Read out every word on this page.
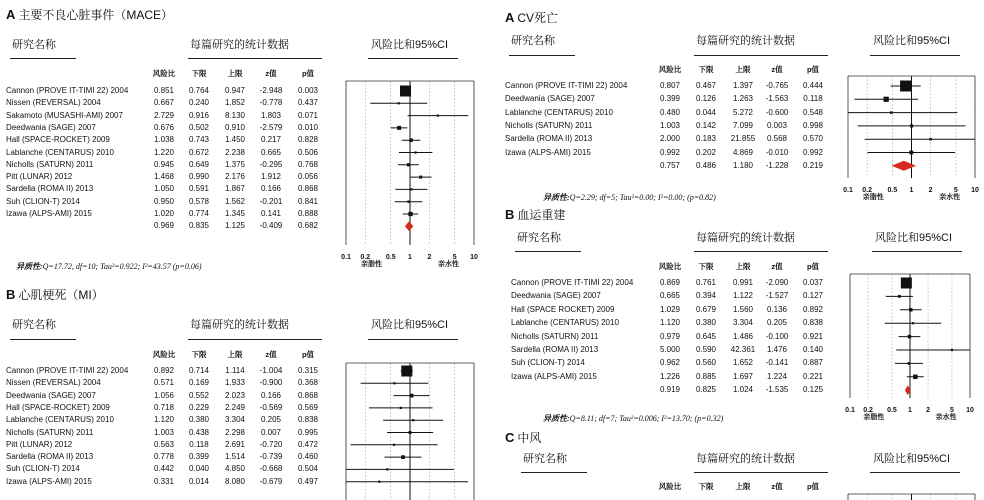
A 主要不良心脏事件（MACE）
研究名称	每篇研究的统计数据	风险比和95%CI
风险比 下限	上限	z值	p值
Cannon (PROVE IT-TIMI 22) 2004	0.851 0.764 0.947 -2.948 0.003
Nissen (REVERSAL) 2004	0.667 0.240 1.852 -0.778 0.437
Sakamoto (MUSASHI-AMI) 2007	2.729 0.916 8.130 1.803 0.071
Deedwania (SAGE) 2007	0.676 0.502 0.910 -2.579 0.010
Hall (SPACE-ROCKET) 2009	1.038 0.743 1.450 0.217 0.828
Lablanche (CENTARUS) 2010	1.220 0.672 2.238 0.665 0.506
Nicholls (SATURN) 2011	0.945 0.649 1.375 -0.295 0.768
Pitt (LUNAR) 2012	1.468 0.990 2.176 1.912 0.056
Sardella (ROMA II) 2013	1.050 0.591 1.867 0.166 0.868
Suh (CLION-T) 2014	0.950 0.578 1.562 -0.201 0.841
Izawa (ALPS-AMI) 2015	1.020 0.774 1.345 0.141 0.888
0.969 0.835 1.125 -0.409 0.682
异质性:Q=17.72, df=10; Tau²=0.922; I²=43.57 (p=0.06)
0.1 0.2 0.5 1 2	5 10
亲脂性	亲水性
B 心肌梗死（MI）
研究名称	每篇研究的统计数据	风险比和95%CI
风险比 下限	上限	z值	p值
Cannon (PROVE IT-TIMI 22) 2004	0.892 0.714 1.114 -1.004 0.315
Nissen (REVERSAL) 2004	0.571 0.169 1.933 -0.900 0.368
Deedwania (SAGE) 2007	1.056 0.552 2.023 0.166 0.868
Hall (SPACE-ROCKET) 2009	0.718 0.229 2.249 -0.569 0.569
Lablanche (CENTARUS) 2010	1.120 0.380 3.304 0.205 0.838
Nicholls (SATURN) 2011	1.003 0.438 2.298 0.007 0.995
Pitt (LUNAR) 2012	0.563 0.118 2.691 -0.720 0.472
Sardella (ROMA II) 2013	0.778 0.399 1.514 -0.739 0.460
Suh (CLION-T) 2014	0.442 0.040 4.850 -0.668 0.504
Izawa (ALPS-AMI) 2015	0.331 0.014 8.080 -0.679 0.497
A CV死亡
研究名称	每篇研究的统计数据	风险比和95%CI
风险比 下限	上限	z值	p值
Cannon (PROVE IT-TIMI 22) 2004	0.807 0.467 1.397 -0.765 0.444
Deedwania (SAGE) 2007	0.399 0.126 1.263 -1.563 0.118
Lablanche (CENTARUS) 2010	0.480 0.044 5.272 -0.600 0.548
Nicholls (SATURN) 2011	1.003 0.142 7.099 0.003 0.998
Sardella (ROMA II) 2013	2.000 0.183 21.855 0.568 0.570
Izawa (ALPS-AMI) 2015	0.992 0.202 4.869 -0.010 0.992
0.757 0.486 1.180 -1.228 0.219
异质性:Q=2.29; df=5; Tau²=0.00; I²=0.00; (p=0.82)
0.1 0.2 0.5 1 2	5 10
亲脂性	亲水性
B 血运重建
研究名称	每篇研究的统计数据	风险比和95%CI
风险比 下限	上限	z值	p值
Cannon (PROVE IT-TIMI 22) 2004	0.869 0.761 0.991 -2.090 0.037
Deedwania (SAGE) 2007	0.665 0.394 1.122 -1.527 0.127
Hall (SPACE ROCKET) 2009	1.029 0.679 1.560 0.136 0.892
Lablanche (CENTARUS) 2010	1.120 0.380 3.304 0.205 0.838
Nicholls (SATURN) 2011	0.979 0.645 1.486 -0.100 0.921
Sardella (ROMA II) 2013	5.000 0.590 42.361 1.476 0.140
Suh (CLION-T) 2014	0.962 0.560 1.652 -0.141 0.887
Izawa (ALPS-AMI) 2015	1.226 0.885 1.697 1.224 0.221
0.919 0.825 1.024 -1.535 0.125
异质性:Q=8.11; df=7; Tau²=0.006; I²=13.70; (p=0.32)
0.1 0.2 0.5 1 2	5 10
亲脂性	亲水性
C 中风
研究名称	每篇研究的统计数据	风险比和95%CI
风险比 下限	上限	z值	p值
